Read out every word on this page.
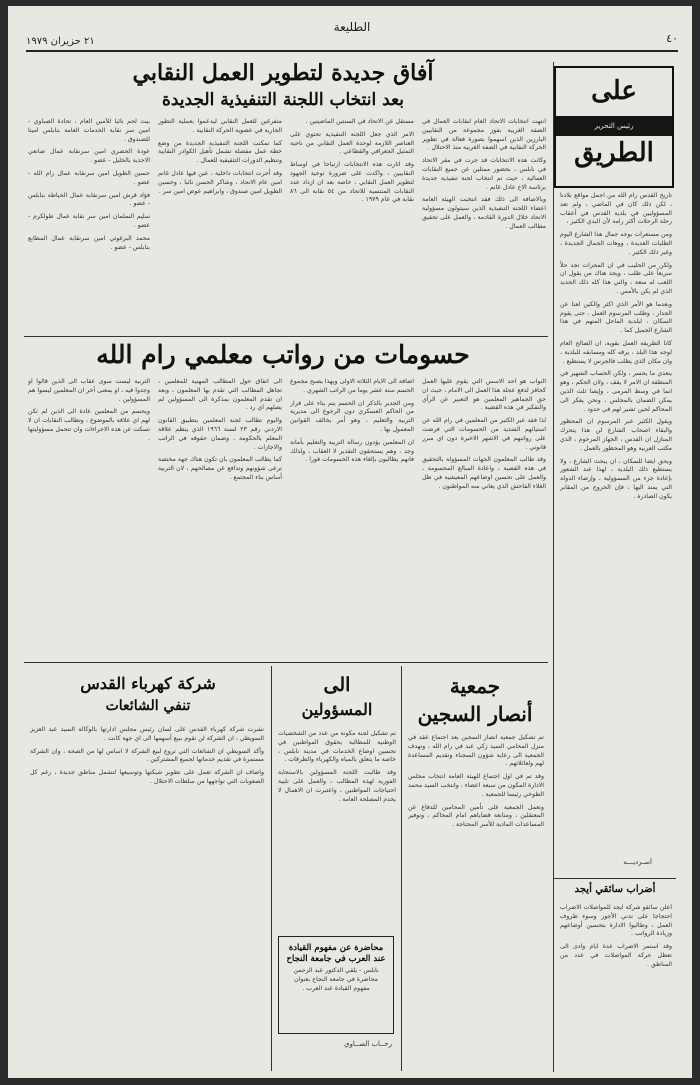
٤٠
الطليعة
٢١ حزيران ١٩٧٩
على
رئيس التحرير
الطريق

تاريخ القدس رام الله من اجمل مواقع بلادنا ، لكن ذلك كان في الماضي ، ولم تعد المسؤوليين في بلدية القدس في أعقاب رحلة الرحلات أكثر رامة لأن البدي الكثير ،

ومن مستعرات بوجه جمال هذا الشارع اليوم الطلبات العديدة ، ووهات الجمال الجديدة ، وغير ذلك الكثير .

ولكن من الحليب في ان المجرات تجد حلاً سريعاً على طلب ، ويجد هناك من يقول ان اللعب له متعة ، والتي هذا كله ذلك الجديد الذي لم يكن بالأمس .

وبعدما هو الأمر الذي اكثر والكين لعنا عن الجدار ، وطلب المرسوم العمل ، حتى يقوم السكان ، لبلدية الماحل المتهم في هذا الشارع الجميل كما .

كانا الطريقة العمل بقوية، ان الصالح العام لوجه هذا البلد ، يرقه كله ومسابقه للبلدية ، وان مكان الذي يطلب فالجرس لا يستطيع .

ينعدي ما يحسر ، ولكن الحساب الشهير في المنطقة ان الامر لا يقف ، ولان الحكم ، وهو انما في وسط المرمى ، وإيصا ثلث الذين يمكن الضمان بالمجلس ، ونحن يفكر الى المحاكم لحين تشير لهم في حدود .

ويقول الكثير عبر المرسوم ان المحظور والبقاء اصحاب الشارع لن هذا يتحرك المنازل ان القدس ، الجهاز المرحوم ، الذي مكتب العربية وهو المحظور بالعمل .

ويحق ايضا للسكان ، ان يبحث الشارع ، ولا يستطيع ذلك البلدية ، لهذا عند الشعور بإعادة جزء من المسؤولية ، وإرضاء الدولة التي يمتد اليها ، فإن الخروج من المقابر يكون الصادرة .

أسـرديـــه
آفاق جديدة لتطوير العمل النقابي
بعد انتخاب اللجنة التنفيذية الجديدة

انتهت انتخابات الاتحاد العام لنقابات العمال في الضفة الغربية بفوز مجموعة من النقابيين البارزين الذين اسهموا بصورة فعالة في تطوير الحركة النقابية في الضفة الغربية منذ الاحتلال .

وكانت هذه الانتخابات قد جرت في مقر الاتحاد في نابلس ، بحضور ممثلين عن جميع النقابات العمالية ، حيث تم انتخاب لجنة تنفيذية جديدة برئاسة الاخ عادل غانم .

وبالاضافة الى ذلك فقد انتخبت الهيئة العامة اعضاء اللجنة التنفيذية الذين سيتولون مسؤولية الاتحاد خلال الدورة القادمة ، والعمل على تحقيق مطالب العمال .

مستقل عن الاتحاد في السنتين الماضيتين .

الامر الذي جعل اللجنة التنفيذية تحتوي على العناصر اللازمة لوحدة العمل النقابي من ناحية التمثيل الجغرافي والقطاعي .

وقد اثارت هذه الانتخابات ارتياحا في اوساط النقابيين ، واكدت على ضرورة توحيد الجهود لتطوير العمل النقابي ، خاصة بعد ان ازداد عدد النقابات المنتسبة للاتحاد من ٥٤ نقابة الى ٨٦ نقابة في عام ١٩٧٩ .

متفرغين للعمل النقابي ليدعموا بعملية التطور الجارية في عضوية الحركة النقابية .

كما تمكنت اللجنة التنفيذية الجديدة من وضع خطة عمل مفصلة تشمل تأهيل الكوادر النقابية وتنظيم الدورات التثقيفية للعمال .

وقد أجرت انتخابات داخلية ، عين فيها عادل غانم امين عام الاتحاد ، وشاكر الحسن نائبا ، وحسين الطويل امين صندوق ، وابراهيم عوض امين سر .

بيت لحم نائبا للأمين العام ، تحادة الصباوي - امين سر نقابة الخدمات العامة بنابلس امينا للصندوق .

عودة الحصري امين سرنقابة عمال صانعي الاحذية بالخليل - عضو .

حسين الطويل امين سرنقابة عمال رام الله - عضو .

فؤاد قرش امين سرنقابة عمال الخياطة بنابلس - عضو .

سليم السلمان امين سر نقابة عمال طولكرم - عضو .

محمد البرغوثي امين سرنقابة عمال المطابع بنابلس - عضو .

حسومات من رواتب معلمي رام الله

النواب هو احد الاسس التي يقوم عليها العمل كحافز لدفع عجلة هذا العمل الى الامام ، حيث ان حق الجماهير المعلمين هو التعبير عن الرأي والتفكير في هذه القضية .

لذا فقد عبر الكثير من المعلمين في رام الله عن استيائهم الشديد من الحسومات التي فرضت على رواتبهم في الاشهر الاخيرة دون اي مبرر قانوني .

وقد طالب المعلمون الجهات المسؤولة بالتحقيق في هذه القضية ، واعادة المبالغ المحسومة ، والعمل على تحسين اوضاعهم المعيشية في ظل الغلاء الفاحش الذي يعاني منه المواطنون .

اضافة الى الايام الثلاثة الاولى ويهذا يصبح مجموع الحسم ستة عشر يوما من الراتب الشهري .

ومن الجدير بالذكر ان الحسم يتم بناء على قرار من الحاكم العسكري دون الرجوع الى مديرية التربية والتعليم ، وهو أمر يخالف القوانين المعمول بها .

ان المعلمين يؤدون رسالة التربية والتعليم بأمانة وجد ، وهم يستحقون التقدير لا العقاب ، ولذلك فانهم يطالبون بإلغاء هذه الحسومات فورا .

الى اتفاق حول المطالب المهنية للمعلمين ، تجاهل المطالب التي تقدم بها المعلمون ، وبعد ان تقدم المعلمون بمذكرة الى المسؤولين لم يصلهم اي رد .

واليوم تطالب لجنة المعلمين بتطبيق القانون الاردني رقم ٢٣ لسنة ١٩٦٦ الذي ينظم علاقة المعلم بالحكومة ، وضمان حقوقه في الراتب والاجازات .

كما يطالب المعلمون بان تكون هناك جهة مختصة ترعى شؤونهم وتدافع عن مصالحهم ، لان التربية أساس بناء المجتمع .

التربية ليست سوى عقاب الى الذين قالوا او وجدوا فيه ، او بمعنى آخر ان المعلمين ليسوا هم المسؤولين .

ويحسم من المعلمين عادة الى الذين لم تكن لهم اي علاقة بالموضوع ، وتطالب النقابات ان لا تسكت عن هذه الاجراءات وان تتحمل مسؤوليتها .

جمعية
أنصار السجين

تم تشكيل جمعية انصار السجين بعد اجتماع عقد في منزل المحامي السيد زكي عبد في رام الله ، وتهدف الجمعية الى رعاية شؤون السجناء وتقديم المساعدة لهم ولعائلاتهم .

وقد تم في اول اجتماع للهيئة العامة انتخاب مجلس الادارة المكون من سبعة اعضاء ، وانتخب السيد محمد الطوخي رئيسا للجمعية .

وتعمل الجمعية على تأمين المحامين للدفاع عن المعتقلين ، ومتابعة قضاياهم امام المحاكم ، وتوفير المساعدات المادية للأسر المحتاجة .

الى
المسؤولين

تم تشكيل لجنة مكونة من عدد من الشخصيات الوطنية للمطالبة بحقوق المواطنين في تحسين اوضاع الخدمات في مدينة نابلس ، خاصة ما يتعلق بالمياه والكهرباء والطرقات .

وقد طالبت اللجنة المسؤولين بالاستجابة الفورية لهذه المطالب ، والعمل على تلبية احتياجات المواطنين ، واعتبرت ان الاهمال لا يخدم المصلحة العامة .

محاضرة عن مفهوم القيادة عند العرب في جامعة النجاح
نابلس - يلقي الدكتور عبد الرحمن محاضرة في جامعة النجاح بعنوان مفهوم القيادة عند العرب .
رحــاب الصــاوي
شركة كهرباء القدس
تنفي الشائعات

نشرت شركة كهرباء القدس على لسان رئيس مجلس ادارتها بالوكالة السيد عبد العزيز السويطي ، ان الشركة لن تقوم ببيع أسهمها الى اي جهة كانت .

وأكد السويطي ان الشائعات التي تروج لبيع الشركة لا اساس لها من الصحة ، وان الشركة مستمرة في تقديم خدماتها لجميع المشتركين .

واضاف ان الشركة تعمل على تطوير شبكتها وتوسيعها لتشمل مناطق جديدة ، رغم كل الصعوبات التي تواجهها من سلطات الاحتلال .

أضراب سائقي أيجد

أعلن سائقو شركة ايجد للمواصلات الاضراب احتجاجا على تدني الأجور وسوء ظروف العمل ، وطالبوا الادارة بتحسين أوضاعهم وزيادة الرواتب .

وقد استمر الاضراب عدة ايام وادى الى تعطل حركة المواصلات في عدد من المناطق .
